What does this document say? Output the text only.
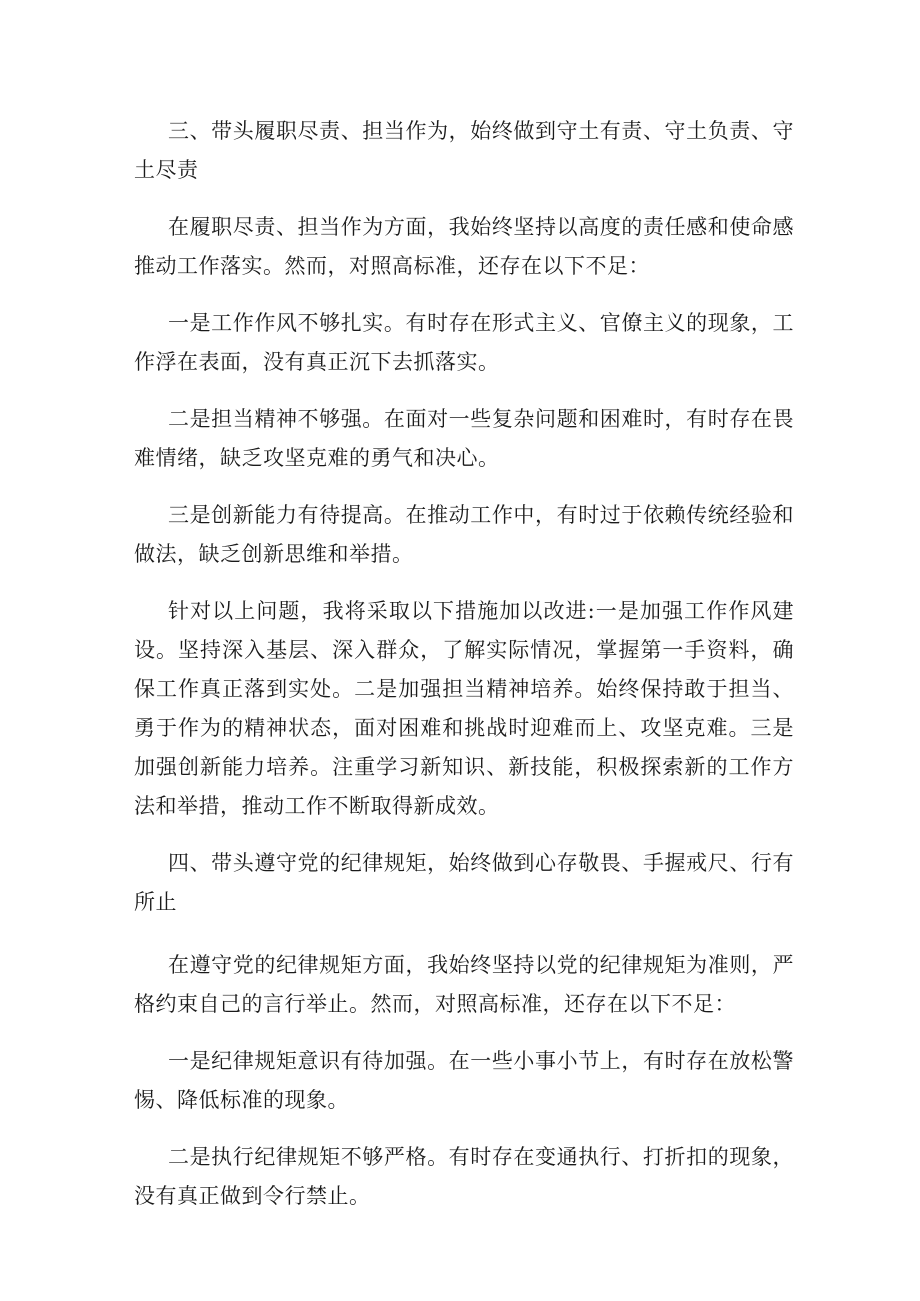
三、带头履职尽责、担当作为，始终做到守土有责、守土负责、守土尽责

在履职尽责、担当作为方面，我始终坚持以高度的责任感和使命感推动工作落实。然而，对照高标准，还存在以下不足：

一是工作作风不够扎实。有时存在形式主义、官僚主义的现象，工作浮在表面，没有真正沉下去抓落实。

二是担当精神不够强。在面对一些复杂问题和困难时，有时存在畏难情绪，缺乏攻坚克难的勇气和决心。

三是创新能力有待提高。在推动工作中，有时过于依赖传统经验和做法，缺乏创新思维和举措。

针对以上问题，我将采取以下措施加以改进:一是加强工作作风建设。坚持深入基层、深入群众，了解实际情况，掌握第一手资料，确保工作真正落到实处。二是加强担当精神培养。始终保持敢于担当、勇于作为的精神状态，面对困难和挑战时迎难而上、攻坚克难。三是加强创新能力培养。注重学习新知识、新技能，积极探索新的工作方法和举措，推动工作不断取得新成效。

四、带头遵守党的纪律规矩，始终做到心存敬畏、手握戒尺、行有所止

在遵守党的纪律规矩方面，我始终坚持以党的纪律规矩为准则，严格约束自己的言行举止。然而，对照高标准，还存在以下不足：

一是纪律规矩意识有待加强。在一些小事小节上，有时存在放松警惕、降低标准的现象。

二是执行纪律规矩不够严格。有时存在变通执行、打折扣的现象，没有真正做到令行禁止。
